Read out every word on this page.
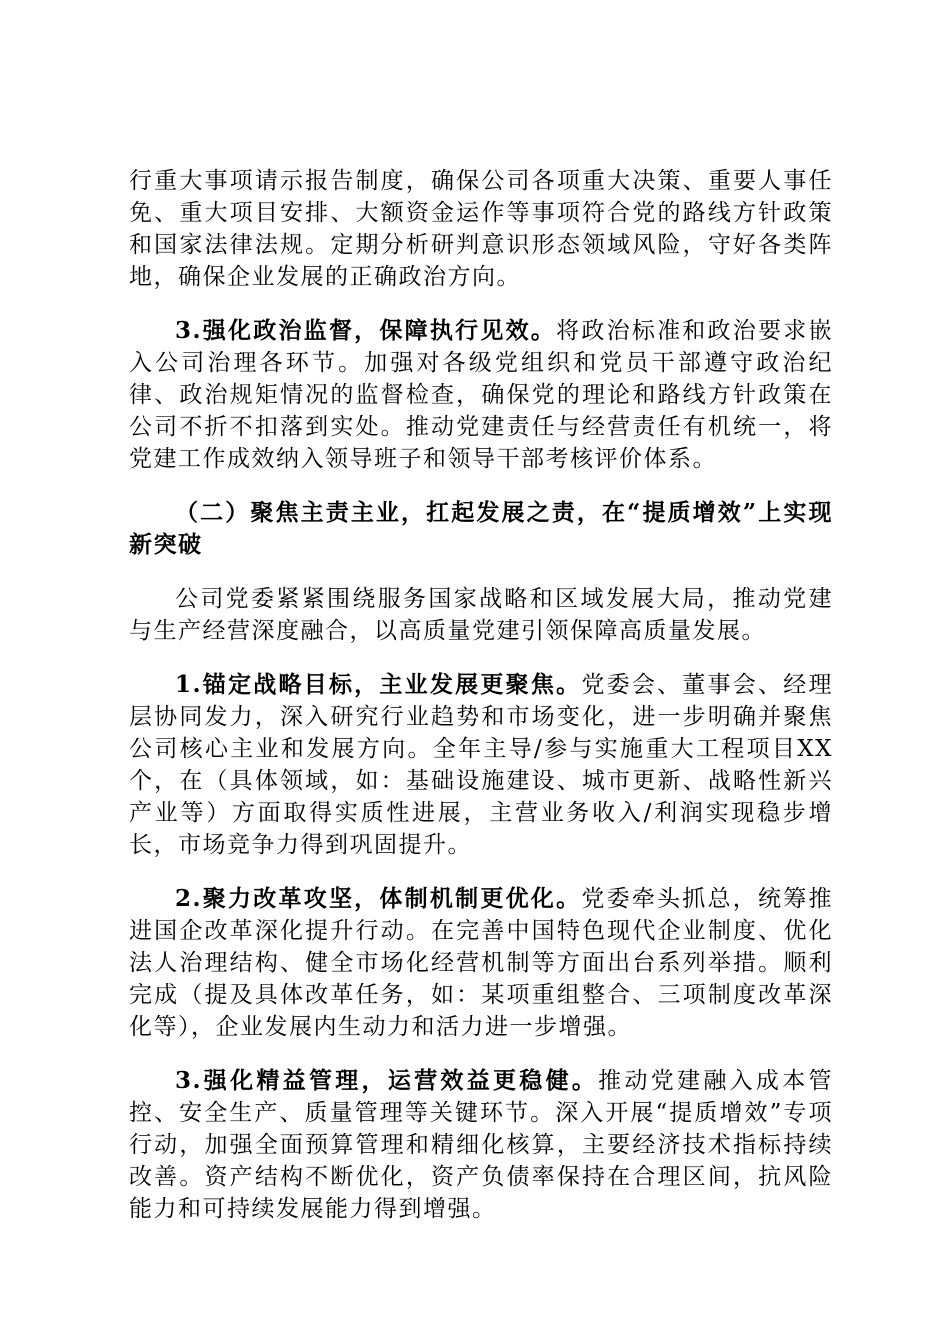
行重大事项请示报告制度，确保公司各项重大决策、重要人事任免、重大项目安排、大额资金运作等事项符合党的路线方针政策和国家法律法规。定期分析研判意识形态领域风险，守好各类阵地，确保企业发展的正确政治方向。

3.强化政治监督，保障执行见效。将政治标准和政治要求嵌入公司治理各环节。加强对各级党组织和党员干部遵守政治纪律、政治规矩情况的监督检查，确保党的理论和路线方针政策在公司不折不扣落到实处。推动党建责任与经营责任有机统一，将党建工作成效纳入领导班子和领导干部考核评价体系。

（二）聚焦主责主业，扛起发展之责，在“提质增效”上实现新突破

公司党委紧紧围绕服务国家战略和区域发展大局，推动党建与生产经营深度融合，以高质量党建引领保障高质量发展。

1.锚定战略目标，主业发展更聚焦。党委会、董事会、经理层协同发力，深入研究行业趋势和市场变化，进一步明确并聚焦公司核心主业和发展方向。全年主导/参与实施重大工程项目XX个，在（具体领域，如：基础设施建设、城市更新、战略性新兴产业等）方面取得实质性进展，主营业务收入/利润实现稳步增长，市场竞争力得到巩固提升。

2.聚力改革攻坚，体制机制更优化。党委牵头抓总，统筹推进国企改革深化提升行动。在完善中国特色现代企业制度、优化法人治理结构、健全市场化经营机制等方面出台系列举措。顺利完成（提及具体改革任务，如：某项重组整合、三项制度改革深化等），企业发展内生动力和活力进一步增强。

3.强化精益管理，运营效益更稳健。推动党建融入成本管控、安全生产、质量管理等关键环节。深入开展“提质增效”专项行动，加强全面预算管理和精细化核算，主要经济技术指标持续改善。资产结构不断优化，资产负债率保持在合理区间，抗风险能力和可持续发展能力得到增强。
